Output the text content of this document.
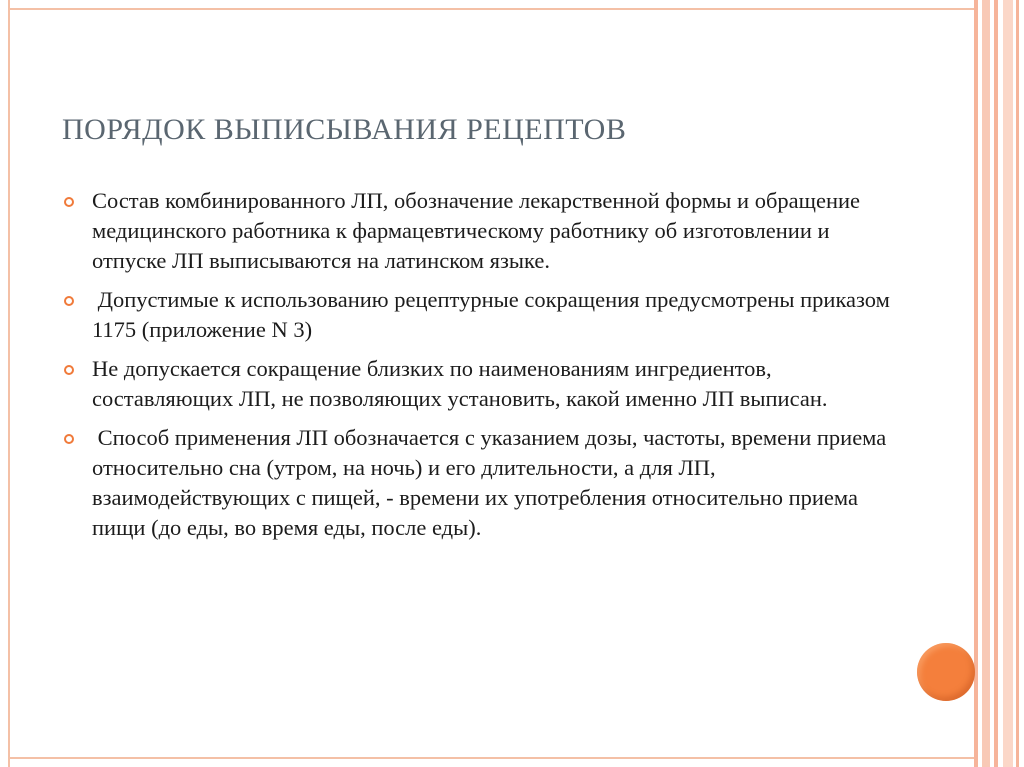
ПОРЯДОК ВЫПИСЫВАНИЯ РЕЦЕПТОВ
Состав комбинированного ЛП, обозначение лекарственной формы и обращение медицинского работника к фармацевтическому работнику об изготовлении и отпуске ЛП выписываются на латинском языке.
Допустимые к использованию рецептурные сокращения предусмотрены приказом 1175 (приложение N 3)
Не допускается сокращение близких по наименованиям ингредиентов, составляющих ЛП, не позволяющих установить, какой именно ЛП выписан.
Способ применения ЛП обозначается с указанием дозы, частоты, времени приема относительно сна (утром, на ночь) и его длительности, а для ЛП, взаимодействующих с пищей, - времени их употребления относительно приема пищи (до еды, во время еды, после еды).
